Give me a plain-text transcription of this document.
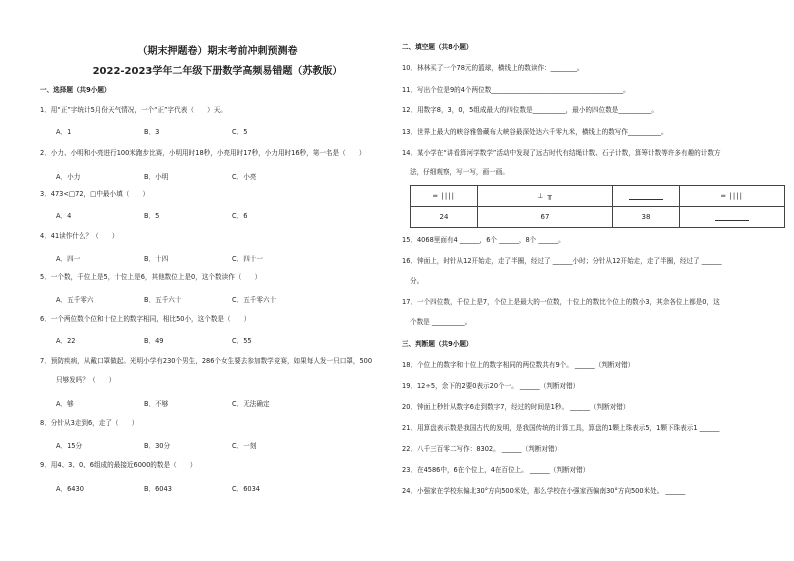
（期末押题卷）期末考前冲刺预测卷
2022-2023学年二年级下册数学高频易错题（苏教版）
一、选择题（共9小题）
1．用“正”字统计5月份天气情况，一个“正”字代表（　　）天。
A．1	B．3	C．5
2．小力、小明和小亮进行100米跑步比赛，小明用时18秒，小亮用时17秒，小力用时16秒，第一名是（　　）
A．小力	B．小明	C．小亮
3．473<□72，□中最小填（　　）
A．4	B．5	C．6
4．41读作什么？（　　）
A．四一	B．十四	C．四十一
5．一个数，千位上是5，十位上是6，其他数位上是0，这个数读作（　　）
A．五千零六	B．五千六十	C．五千零六十
6．一个两位数个位和十位上的数字相同，相比50小，这个数是（　　）
A．22	B．49	C．55
7．预防疾病，从戴口罩做起。光明小学有230个男生，286个女生要去参加数学竞赛，如果每人发一只口罩，500
只够发吗？（　　）
A．够	B．不够	C．无法确定
8．分针从3走到6，走了（　　）
A．15分	B．30分	C．一刻
9．用4、3、0、6组成的最接近6000的数是（　　）
A．6430	B．6043	C．6034
二、填空题（共8小题）
10．林林买了一个78元的篮球，横线上的数读作：________。
11．写出个位是9的4个两位数________________________________________。
12．用数字8，3，0，5组成最大的四位数是__________，最小的四位数是__________。
13．世界上最大的峡谷雅鲁藏布大峡谷最深处达六千零九米，横线上的数写作__________。
14．某小学在“讲看算河学数学”活动中发现了远古时代有结绳计数、石子计数，算筹计数等许多有趣的计数方
法，仔细观察，写一写，画一画。
═ ||||	⊥ ╥		═ ||||
24	67	38	
15．4068里面有4 ______，6个 ______，8个 ______。
16．钟面上，时针从12开始走，走了半圈，经过了 ______小时；分针从12开始走，走了半圈，经过了 ______
分。
17．一个四位数，千位上是7，个位上是最大的一位数，十位上的数比个位上的数小3，其余各位上都是0，这
个数是 __________。
三、判断题（共9小题）
18．个位上的数字和十位上的数字相同的两位数共有9个。 ______（判断对错）
19．12÷5，余下的2要0表示20个一。 ______（判断对错）
20．钟面上秒针从数字6走到数字7，经过的时间是1秒。 ______（判断对错）
21．用算盘表示数是我国古代的发明，是我国传统的计算工具，算盘的1颗上珠表示5，1颗下珠表示1 ______
22．八千三百零二写作：8302。 ______（判断对错）
23．在4586中，6在个位上，4在百位上。 ______（判断对错）
24．小强家在学校东偏北30°方向500米处，那么学校在小强家西偏南30°方向500米处。 ______
